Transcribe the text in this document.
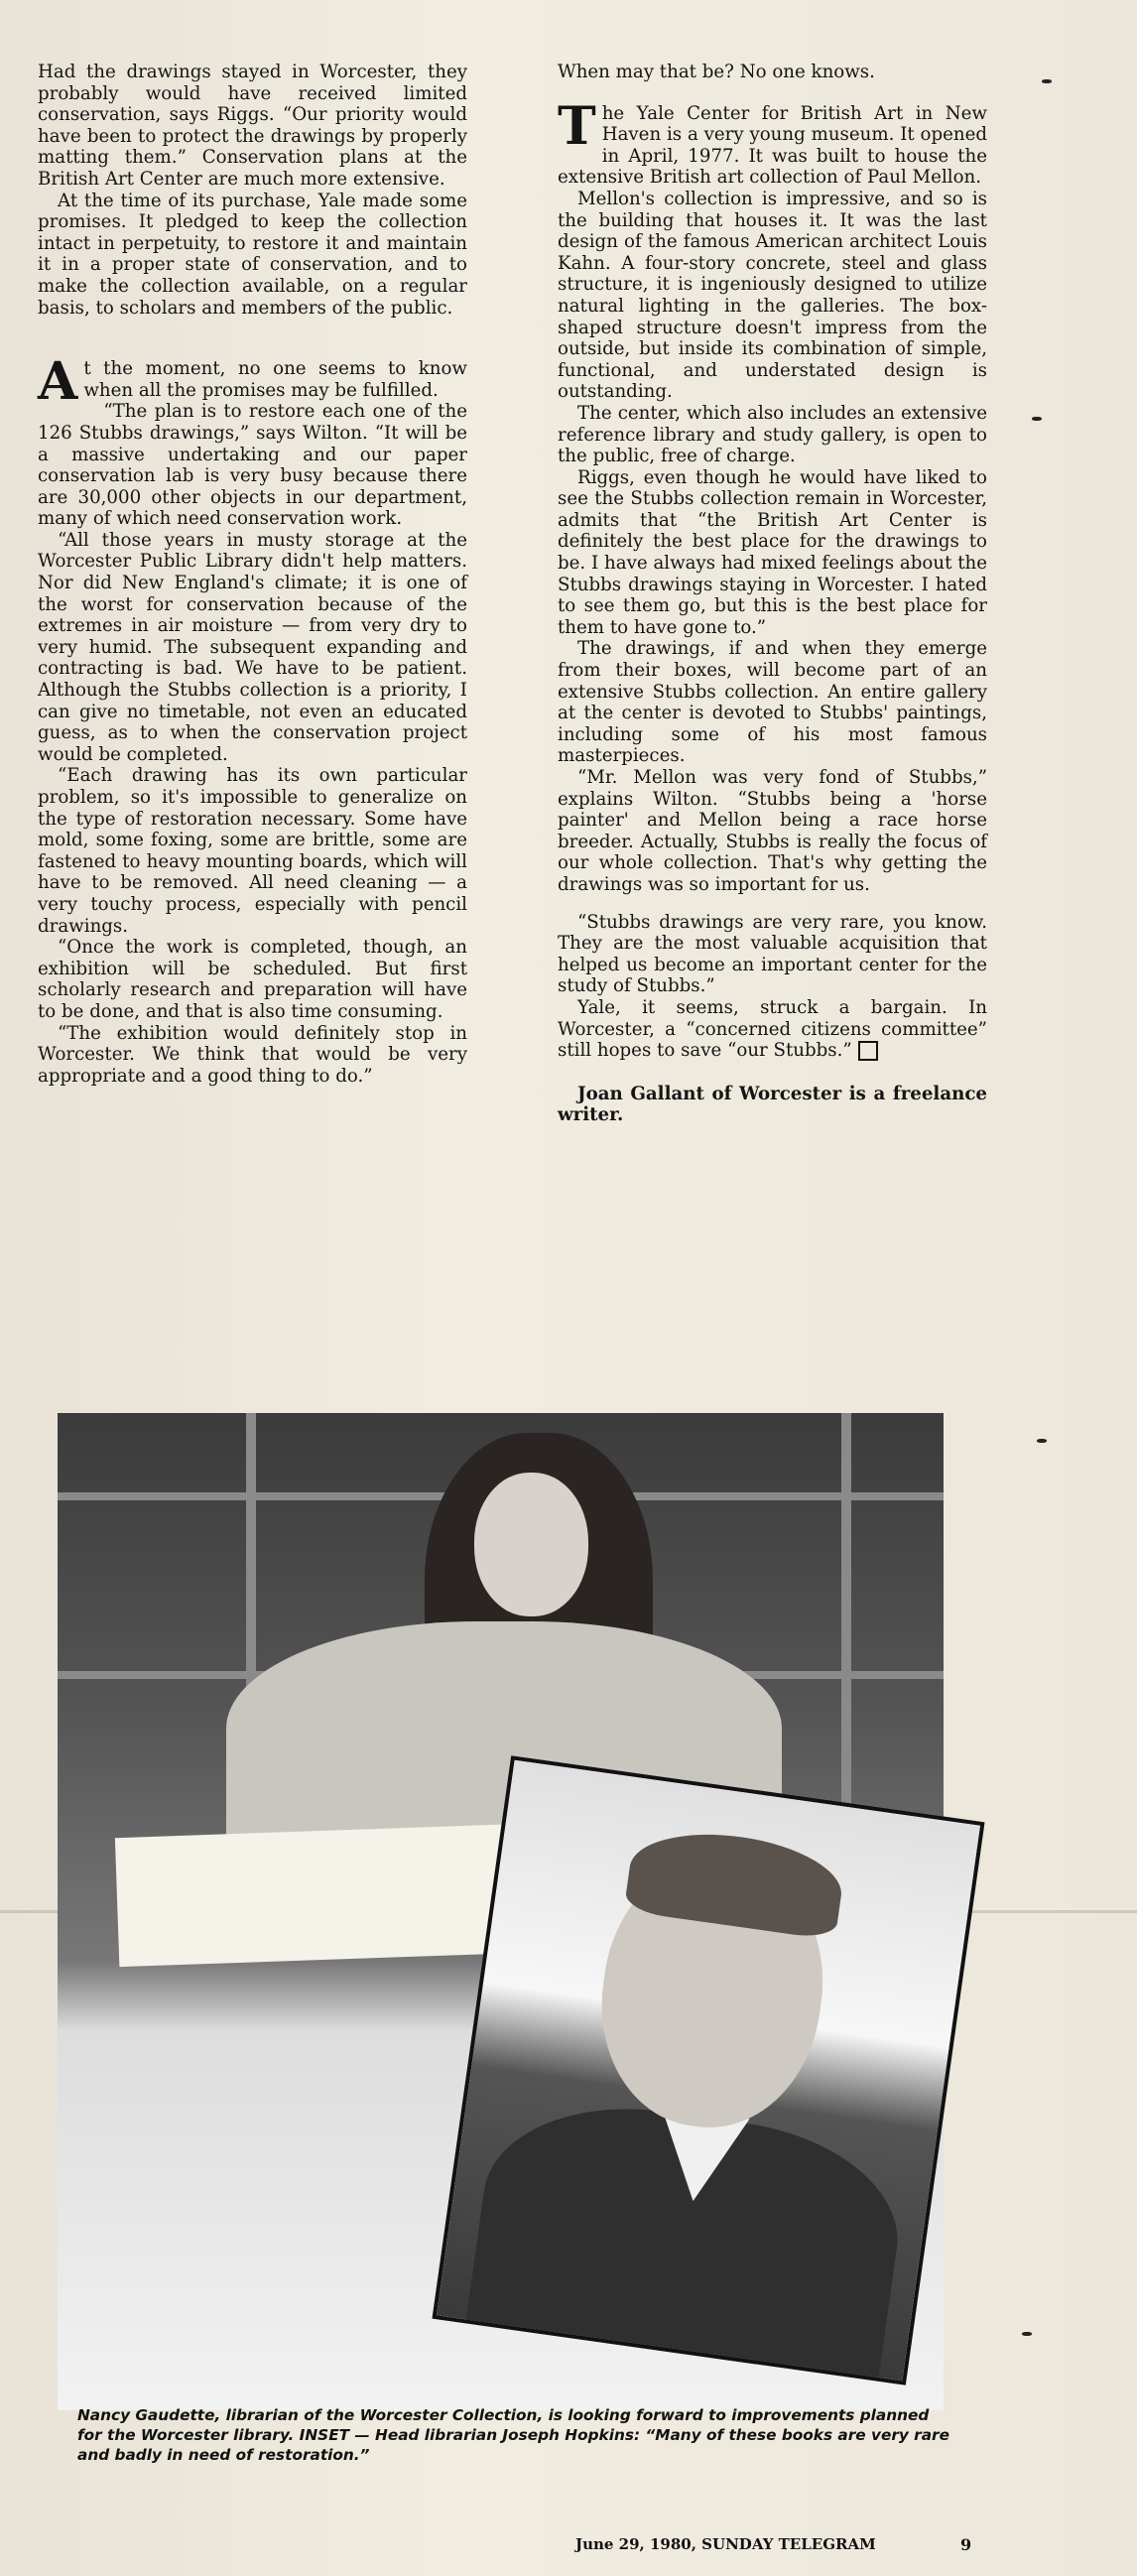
Had the drawings stayed in Worcester, they probably would have received limited conservation, says Riggs. “Our priority would have been to protect the drawings by properly matting them.” Conservation plans at the British Art Center are much more extensive.

At the time of its purchase, Yale made some promises. It pledged to keep the collection intact in perpetuity, to restore it and maintain it in a proper state of conservation, and to make the collection available, on a regular basis, to scholars and members of the public.

At the moment, no one seems to know when all the promises may be fulfilled.

“The plan is to restore each one of the 126 Stubbs drawings,” says Wilton. “It will be a massive undertaking and our paper conservation lab is very busy because there are 30,000 other objects in our department, many of which need conservation work.

“All those years in musty storage at the Worcester Public Library didn't help matters. Nor did New England's climate; it is one of the worst for conservation because of the extremes in air moisture — from very dry to very humid. The subsequent expanding and contracting is bad. We have to be patient. Although the Stubbs collection is a priority, I can give no timetable, not even an educated guess, as to when the conservation project would be completed.

“Each drawing has its own particular problem, so it's impossible to generalize on the type of restoration necessary. Some have mold, some foxing, some are brittle, some are fastened to heavy mounting boards, which will have to be removed. All need cleaning — a very touchy process, especially with pencil drawings.

“Once the work is completed, though, an exhibition will be scheduled. But first scholarly research and preparation will have to be done, and that is also time consuming.

“The exhibition would definitely stop in Worcester. We think that would be very appropriate and a good thing to do.”

When may that be? No one knows.

The Yale Center for British Art in New Haven is a very young museum. It opened in April, 1977. It was built to house the extensive British art collection of Paul Mellon.

Mellon's collection is impressive, and so is the building that houses it. It was the last design of the famous American architect Louis Kahn. A four-story concrete, steel and glass structure, it is ingeniously designed to utilize natural lighting in the galleries. The box-shaped structure doesn't impress from the outside, but inside its combination of simple, functional, and understated design is outstanding.

The center, which also includes an extensive reference library and study gallery, is open to the public, free of charge.

Riggs, even though he would have liked to see the Stubbs collection remain in Worcester, admits that “the British Art Center is definitely the best place for the drawings to be. I have always had mixed feelings about the Stubbs drawings staying in Worcester. I hated to see them go, but this is the best place for them to have gone to.”

The drawings, if and when they emerge from their boxes, will become part of an extensive Stubbs collection. An entire gallery at the center is devoted to Stubbs' paintings, including some of his most famous masterpieces.

“Mr. Mellon was very fond of Stubbs,” explains Wilton. “Stubbs being a 'horse painter' and Mellon being a race horse breeder. Actually, Stubbs is really the focus of our whole collection. That's why getting the drawings was so important for us.

“Stubbs drawings are very rare, you know. They are the most valuable acquisition that helped us become an important center for the study of Stubbs.”

Yale, it seems, struck a bargain. In Worcester, a “concerned citizens committee” still hopes to save “our Stubbs.”

Joan Gallant of Worcester is a freelance writer.

Nancy Gaudette, librarian of the Worcester Collection, is looking forward to improvements planned for the Worcester library. INSET — Head librarian Joseph Hopkins: “Many of these books are very rare and badly in need of restoration.”
June 29, 1980, SUNDAY TELEGRAM	9
